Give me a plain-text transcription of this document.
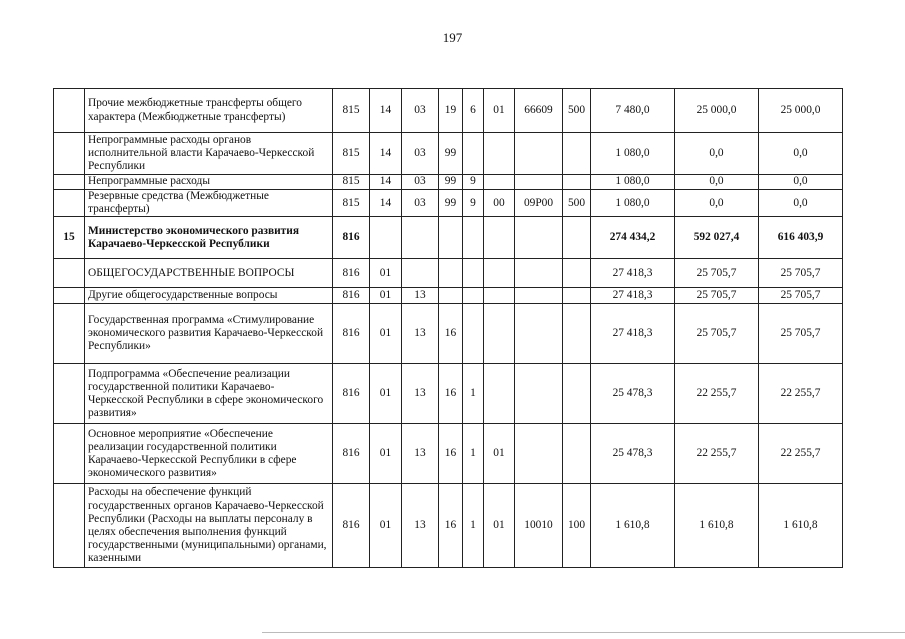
197
	Прочие межбюджетные трансферты общего характера (Межбюджетные трансферты)	815	14	03	19	6	01	66609	500	7 480,0	25 000,0	25 000,0
	Непрограммные расходы органов исполнительной власти Карачаево-Черкесской Республики	815	14	03	99					1 080,0	0,0	0,0
	Непрограммные расходы	815	14	03	99	9				1 080,0	0,0	0,0
	Резервные средства (Межбюджетные трансферты)	815	14	03	99	9	00	09Р00	500	1 080,0	0,0	0,0
15	Министерство экономического развития Карачаево-Черкесской Республики	816								274 434,2	592 027,4	616 403,9
	ОБЩЕГОСУДАРСТВЕННЫЕ ВОПРОСЫ	816	01							27 418,3	25 705,7	25 705,7
	Другие общегосударственные вопросы	816	01	13						27 418,3	25 705,7	25 705,7
	Государственная программа «Стимулирование экономического развития Карачаево-Черкесской Республики»	816	01	13	16					27 418,3	25 705,7	25 705,7
	Подпрограмма «Обеспечение реализации государственной политики Карачаево-Черкесской Республики в сфере экономического развития»	816	01	13	16	1				25 478,3	22 255,7	22 255,7
	Основное мероприятие «Обеспечение реализации государственной политики Карачаево-Черкесской Республики в сфере экономического развития»	816	01	13	16	1	01			25 478,3	22 255,7	22 255,7
	Расходы на обеспечение функций государственных органов Карачаево-Черкесской Республики (Расходы на выплаты персоналу в целях обеспечения выполнения функций государственными (муниципальными) органами, казенными	816	01	13	16	1	01	10010	100	1 610,8	1 610,8	1 610,8
